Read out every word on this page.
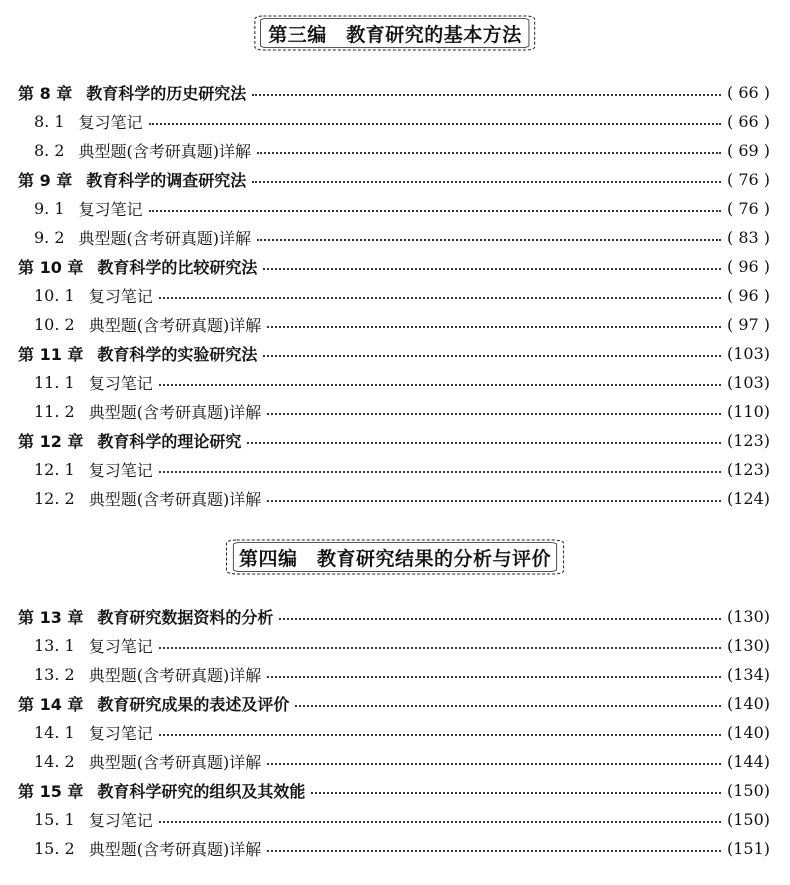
第三编　教育研究的基本方法
第 8 章 教育科学的历史研究法	( 66 )
8. 1 复习笔记	( 66 )
8. 2 典型题(含考研真题)详解	( 69 )
第 9 章 教育科学的调查研究法	( 76 )
9. 1 复习笔记	( 76 )
9. 2 典型题(含考研真题)详解	( 83 )
第 10 章 教育科学的比较研究法	( 96 )
10. 1 复习笔记	( 96 )
10. 2 典型题(含考研真题)详解	( 97 )
第 11 章 教育科学的实验研究法	(103)
11. 1 复习笔记	(103)
11. 2 典型题(含考研真题)详解	(110)
第 12 章 教育科学的理论研究	(123)
12. 1 复习笔记	(123)
12. 2 典型题(含考研真题)详解	(124)
第四编　教育研究结果的分析与评价
第 13 章 教育研究数据资料的分析	(130)
13. 1 复习笔记	(130)
13. 2 典型题(含考研真题)详解	(134)
第 14 章 教育研究成果的表述及评价	(140)
14. 1 复习笔记	(140)
14. 2 典型题(含考研真题)详解	(144)
第 15 章 教育科学研究的组织及其效能	(150)
15. 1 复习笔记	(150)
15. 2 典型题(含考研真题)详解	(151)
